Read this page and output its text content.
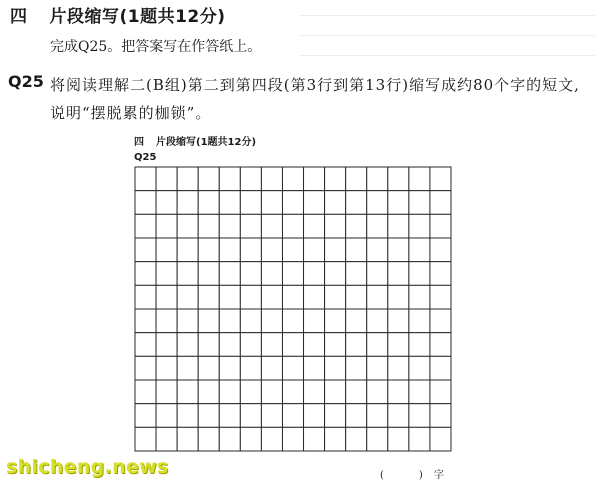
四 片段缩写(1题共12分)
完成Q25。把答案写在作答纸上。
Q25 将阅读理解二(B组)第二到第四段(第3行到第13行)缩写成约80个字的短文,说明“摆脱累的枷锁”。
四 片段缩写(1题共12分)
Q25
(	) 字
shicheng.news
